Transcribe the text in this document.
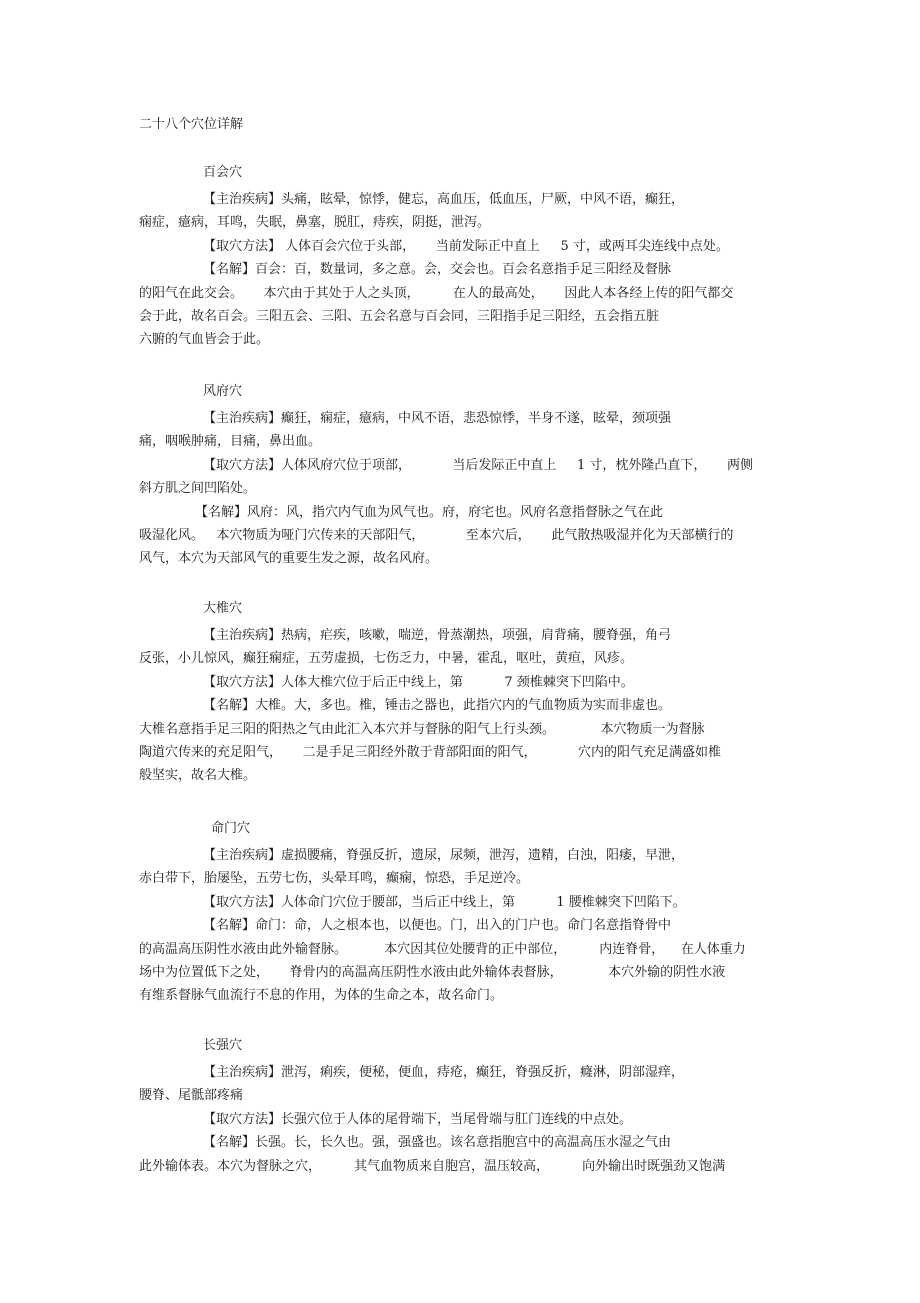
二十八个穴位详解
百会穴
【主治疾病】头痛，眩晕，惊悸，健忘，高血压，低血压，尸厥，中风不语，癫狂，
痫症，癔病，耳鸣，失眠，鼻塞，脱肛，痔疾，阴挺，泄泻。
【取穴方法】 人体百会穴位于头部，     当前发际正中直上     5 寸，或两耳尖连线中点处。
【名解】百会：百，数量词，多之意。会，交会也。百会名意指手足三阳经及督脉
的阳气在此交会。     本穴由于其处于人之头顶，        在人的最高处，     因此人本各经上传的阳气都交
会于此，故名百会。三阳五会、三阳、五会名意与百会同，三阳指手足三阳经，五会指五脏
六腑的气血皆会于此。
风府穴
【主治疾病】癫狂，痫症，癔病，中风不语，悲恐惊悸，半身不遂，眩晕，颈项强
痛，咽喉肿痛，目痛，鼻出血。
【取穴方法】人体风府穴位于项部，          当后发际正中直上     1 寸，枕外隆凸直下，     两侧
斜方肌之间凹陷处。
【名解】风府：风，指穴内气血为风气也。府，府宅也。风府名意指督脉之气在此
吸湿化风。   本穴物质为哑门穴传来的天部阳气，          至本穴后，     此气散热吸湿并化为天部横行的
风气，本穴为天部风气的重要生发之源，故名风府。
大椎穴
【主治疾病】热病，疟疾，咳嗽，喘逆，骨蒸潮热，项强，肩背痛，腰脊强，角弓
反张，小儿惊风，癫狂痫症，五劳虚损，七伤乏力，中暑，霍乱，呕吐，黄疸，风疹。
【取穴方法】人体大椎穴位于后正中线上，第          7 颈椎棘突下凹陷中。
【名解】大椎。大，多也。椎，锤击之器也，此指穴内的气血物质为实而非虚也。
大椎名意指手足三阳的阳热之气由此汇入本穴并与督脉的阳气上行头颈。           本穴物质一为督脉
陶道穴传来的充足阳气，     二是手足三阳经外散于背部阳面的阳气，          穴内的阳气充足满盛如椎
般坚实，故名大椎。
命门穴
【主治疾病】虚损腰痛，脊强反折，遗尿，尿频，泄泻，遗精，白浊，阳痿，早泄，
赤白带下，胎屡坠，五劳七伤，头晕耳鸣，癫痫，惊恐，手足逆冷。
【取穴方法】人体命门穴位于腰部，当后正中线上，第          1 腰椎棘突下凹陷下。
【名解】命门：命，人之根本也，以便也。门，出入的门户也。命门名意指脊骨中
的高温高压阴性水液由此外输督脉。         本穴因其位处腰背的正中部位，        内连脊骨，    在人体重力
场中为位置低下之处，     脊骨内的高温高压阴性水液由此外输体表督脉，           本穴外输的阴性水液
有维系督脉气血流行不息的作用，为体的生命之本，故名命门。
长强穴
【主治疾病】泄泻，痢疾，便秘，便血，痔疮，癫狂，脊强反折，癃淋，阴部湿痒，
腰脊、尾骶部疼痛
【取穴方法】长强穴位于人体的尾骨端下，当尾骨端与肛门连线的中点处。
【名解】长强。长，长久也。强，强盛也。该名意指胞宫中的高温高压水湿之气由
此外输体表。本穴为督脉之穴，        其气血物质来自胞宫，温压较高，        向外输出时既强劲又饱满
